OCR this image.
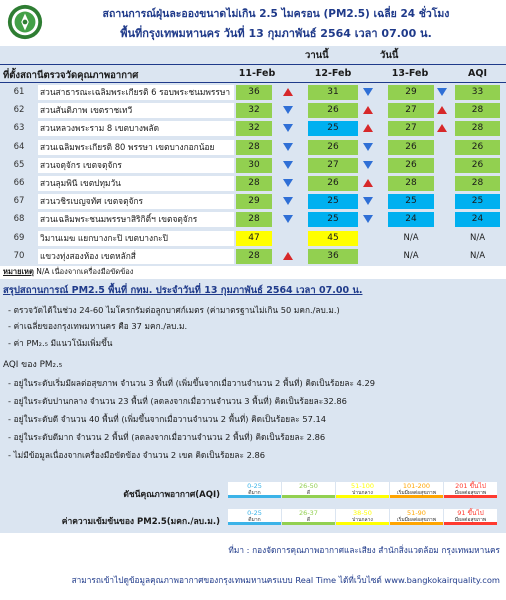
สถานการณ์ฝุ่นละอองขนาดไม่เกิน 2.5 ไมครอน (PM2.5) เฉลี่ย 24 ชั่วโมง
พื้นที่กรุงเทพมหานคร วันที่ 13 กุมภาพันธ์ 2564 เวลา 07.00 น.
วานนี้	วันนี้
ที่ตั้งสถานีตรวจวัดคุณภาพอากาศ	11-Feb	12-Feb	13-Feb	AQI
61	สวนสาธารณะเฉลิมพระเกียรติ 6 รอบพระชนมพรรษา	36	31	29	33
62	สวนสันติภาพ เขตราชเทวี	32	26	27	28
63	สวนหลวงพระราม 8 เขตบางพลัด	32	25	27	28
64	สวนเฉลิมพระเกียรติ 80 พรรษา เขตบางกอกน้อย	28	26	26	26
65	สวนจตุจักร เขตจตุจักร	30	27	26	26
66	สวนลุมพินี เขตปทุมวัน	28	26	28	28
67	สวนวชิรเบญจทัศ เขตจตุจักร	29	25	25	25
68	สวนเฉลิมพระชนมพรรษาสิริกิติ์ฯ เขตจตุจักร	28	25	24	24
69	วิมานเมฆ แยกบางกะปิ เขตบางกะปิ	47	45	N/A	N/A
70	แขวงทุ่งสองห้อง เขตหลักสี่	28	36	N/A	N/A
หมายเหตุ N/A เนื่องจากเครื่องมือขัดข้อง
สรุปสถานการณ์ PM2.5 พื้นที่ กทม. ประจำวันที่ 13 กุมภาพันธ์ 2564 เวลา 07.00 น.
- ตรวจวัดได้ในช่วง 24-60 ไมโครกรัมต่อลูกบาศก์เมตร (ค่ามาตรฐานไม่เกิน 50 มคก./ลบ.ม.)
- ค่าเฉลี่ยของกรุงเทพมหานคร คือ 37 มคก./ลบ.ม.
- ค่า PM₂.₅ มีแนวโน้มเพิ่มขึ้น
AQI ของ PM₂.₅
- อยู่ในระดับเริ่มมีผลต่อสุขภาพ จำนวน 3 พื้นที่ (เพิ่มขึ้นจากเมื่อวานจำนวน 2 พื้นที่) คิดเป็นร้อยละ 4.29
- อยู่ในระดับปานกลาง จำนวน 23 พื้นที่ (ลดลงจากเมื่อวานจำนวน 3 พื้นที่) คิดเป็นร้อยละ32.86
- อยู่ในระดับดี จำนวน 40 พื้นที่ (เพิ่มขึ้นจากเมื่อวานจำนวน 2 พื้นที่) คิดเป็นร้อยละ 57.14
- อยู่ในระดับดีมาก จำนวน 2 พื้นที่ (ลดลงจากเมื่อวานจำนวน 2 พื้นที่) คิดเป็นร้อยละ 2.86
- ไม่มีข้อมูลเนื่องจากเครื่องมือขัดข้อง จำนวน 2 เขต คิดเป็นร้อยละ 2.86
ดัชนีคุณภาพอากาศ(AQI)
ค่าความเข้มข้นของ PM2.5(มคก./ลบ.ม.)
0-25
ดีมาก
26-50
ดี
51-100
ปานกลาง
101-200
เริ่มมีผลต่อสุขภาพ
201 ขึ้นไป
มีผลต่อสุขภาพ
0-25
ดีมาก
26-37
ดี
38-50
ปานกลาง
51-90
เริ่มมีผลต่อสุขภาพ
91 ขึ้นไป
มีผลต่อสุขภาพ
ที่มา : กองจัดการคุณภาพอากาศและเสียง สำนักสิ่งแวดล้อม กรุงเทพมหานคร
สามารถเข้าไปดูข้อมูลคุณภาพอากาศของกรุงเทพมหานครแบบ Real Time ได้ที่เว็บไซต์ www.bangkokairquality.com
